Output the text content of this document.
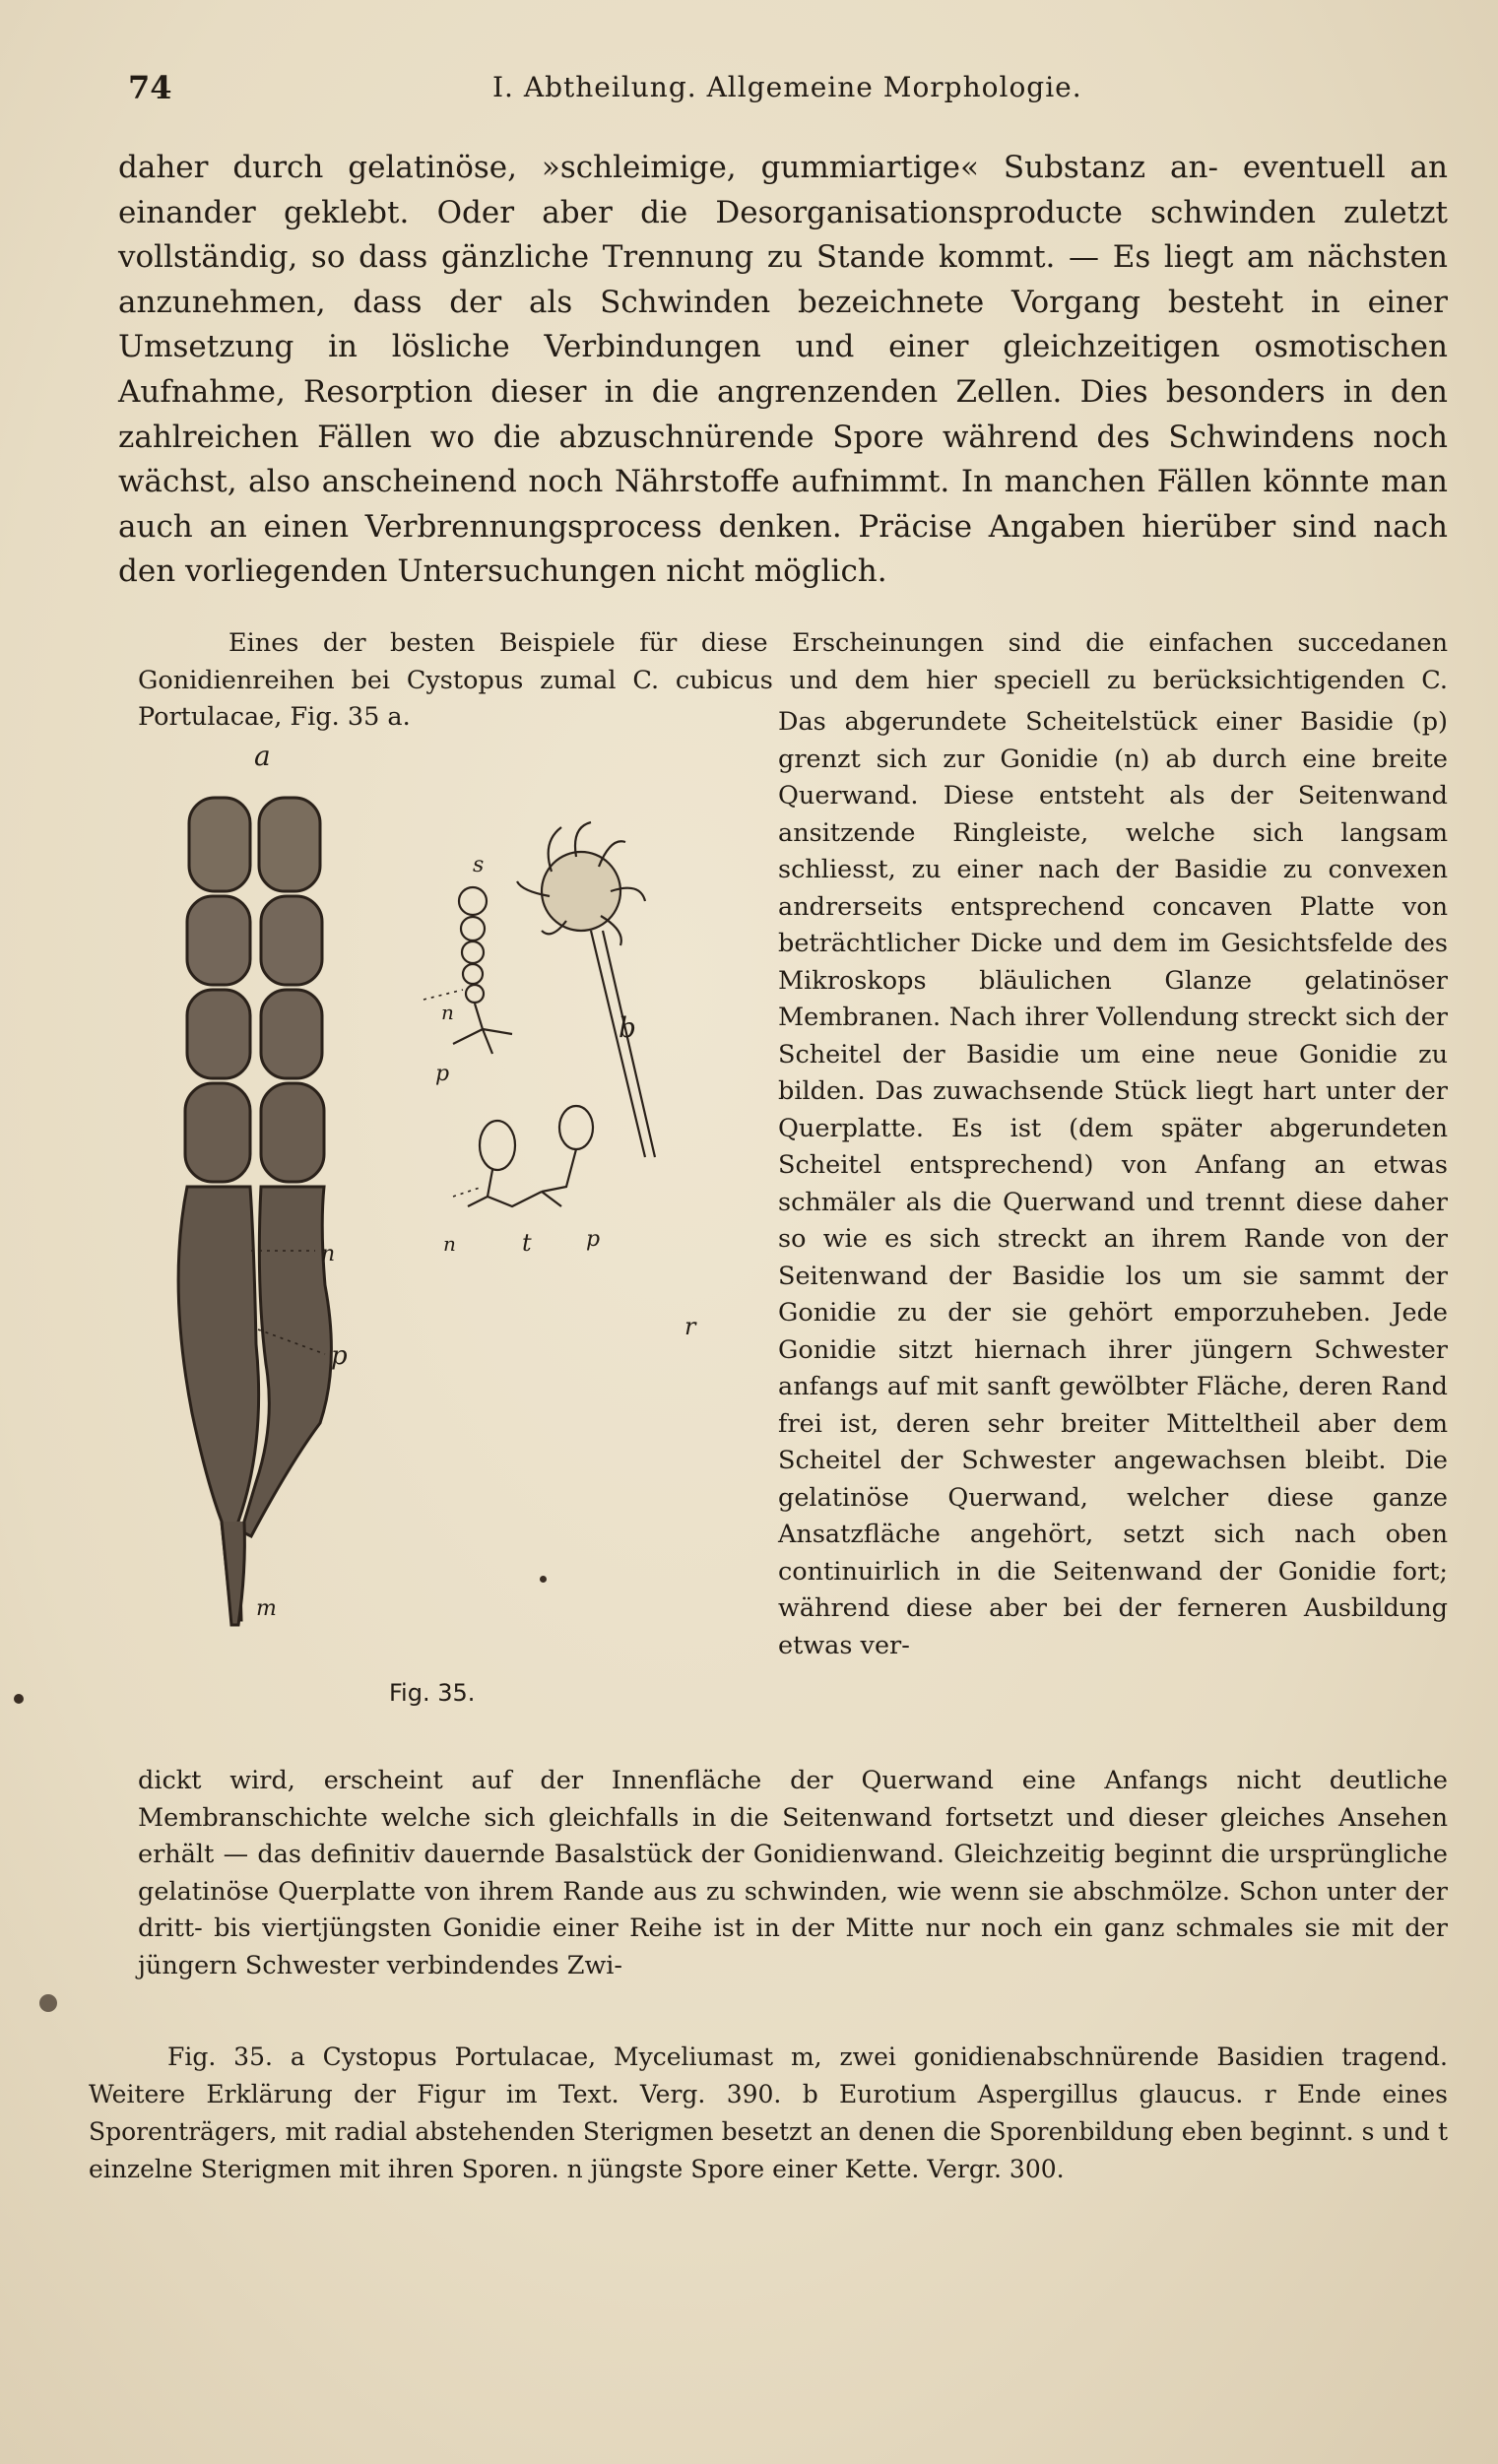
74	I. Abtheilung. Allgemeine Morphologie.

daher durch gelatinöse, »schleimige, gummiartige« Substanz an- eventuell an einander geklebt. Oder aber die Desorganisationsproducte schwinden zuletzt vollständig, so dass gänzliche Trennung zu Stande kommt. — Es liegt am nächsten anzunehmen, dass der als Schwinden bezeichnete Vorgang besteht in einer Umsetzung in lösliche Verbindungen und einer gleichzeitigen osmotischen Aufnahme, Resorption dieser in die angrenzenden Zellen. Dies besonders in den zahlreichen Fällen wo die abzuschnürende Spore während des Schwindens noch wächst, also anscheinend noch Nährstoffe aufnimmt. In manchen Fällen könnte man auch an einen Verbrennungsprocess denken. Präcise Angaben hierüber sind nach den vorliegenden Untersuchungen nicht möglich.

Eines der besten Beispiele für diese Erscheinungen sind die einfachen succedanen Gonidienreihen bei Cystopus zumal C. cubicus und dem hier speciell zu berücksichtigenden C. Portulacae, Fig. 35 a.	Das abgerundete Scheitelstück einer Basidie (p) grenzt sich zur Gonidie (n) ab durch eine breite Querwand. Diese entsteht als der Seitenwand ansitzende Ringleiste, welche sich langsam schliesst, zu einer nach der Basidie zu convexen andrerseits entsprechend concaven Platte von beträchtlicher Dicke und dem im Gesichtsfelde des Mikroskops bläulichen Glanze gelatinöser Membranen. Nach ihrer Vollendung streckt sich der Scheitel der Basidie um eine neue Gonidie zu bilden. Das zuwachsende Stück liegt hart unter der Querplatte. Es ist (dem später abgerundeten Scheitel entsprechend) von Anfang an etwas schmäler als die Querwand und trennt diese daher so wie es sich streckt an ihrem Rande von der Seitenwand der Basidie los um sie sammt der Gonidie zu der sie gehört emporzuheben. Jede Gonidie sitzt hiernach ihrer jüngern Schwester anfangs auf mit sanft gewölbter Fläche, deren Rand frei ist, deren sehr breiter Mitteltheil aber dem Scheitel der Schwester angewachsen bleibt. Die gelatinöse Querwand, welcher diese ganze Ansatzfläche angehört, setzt sich nach oben continuirlich in die Seitenwand der Gonidie fort; während diese aber bei der ferneren Ausbildung etwas ver-

a
b
s
t
r
n
n
n
p
p
p
m
Fig. 35.

dickt wird, erscheint auf der Innenfläche der Querwand eine Anfangs nicht deutliche Membranschichte welche sich gleichfalls in die Seitenwand fortsetzt und dieser gleiches Ansehen erhält — das definitiv dauernde Basalstück der Gonidienwand. Gleichzeitig beginnt die ursprüngliche gelatinöse Querplatte von ihrem Rande aus zu schwinden, wie wenn sie abschmölze. Schon unter der dritt- bis viertjüngsten Gonidie einer Reihe ist in der Mitte nur noch ein ganz schmales sie mit der jüngern Schwester verbindendes Zwi-

Fig. 35. a Cystopus Portulacae, Myceliumast m, zwei gonidienabschnürende Basidien tragend. Weitere Erklärung der Figur im Text. Verg. 390. b Eurotium Aspergillus glaucus. r Ende eines Sporenträgers, mit radial abstehenden Sterigmen besetzt an denen die Sporenbildung eben beginnt. s und t einzelne Sterigmen mit ihren Sporen. n jüngste Spore einer Kette. Vergr. 300.
